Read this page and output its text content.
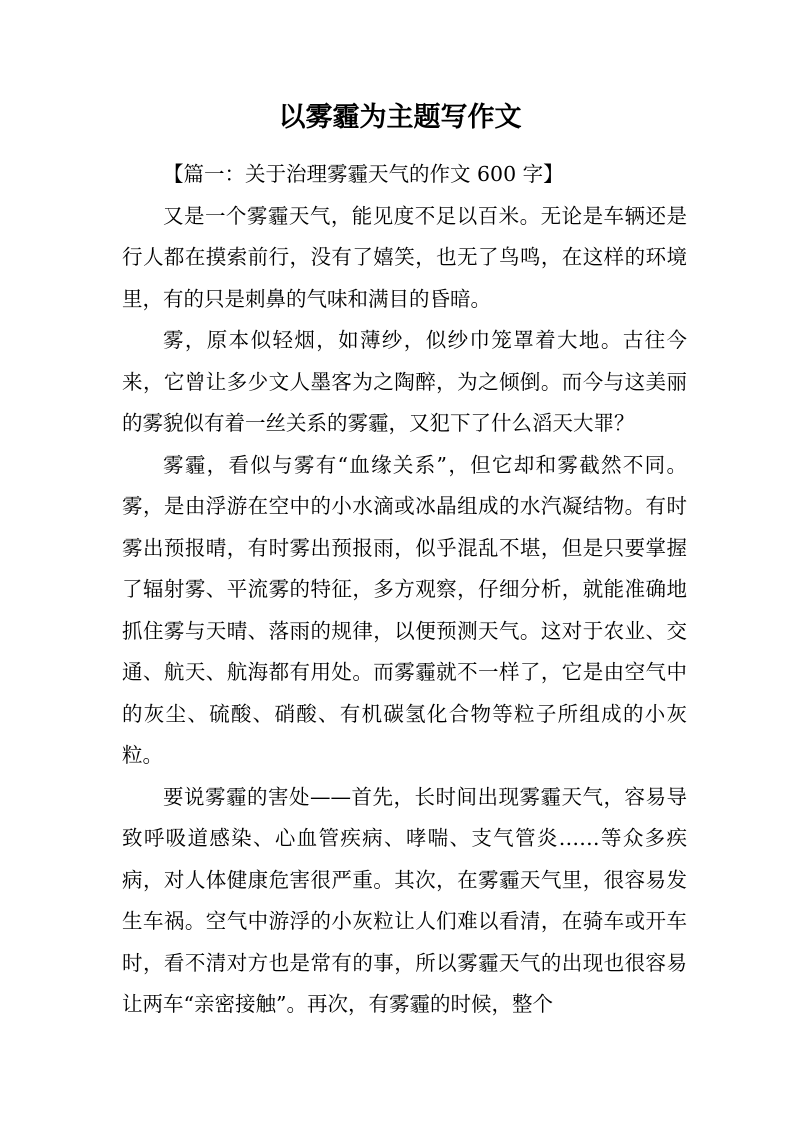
以雾霾为主题写作文

【篇一：关于治理雾霾天气的作文 600 字】

又是一个雾霾天气，能见度不足以百米。无论是车辆还是行人都在摸索前行，没有了嬉笑，也无了鸟鸣，在这样的环境里，有的只是刺鼻的气味和满目的昏暗。

雾，原本似轻烟，如薄纱，似纱巾笼罩着大地。古往今来，它曾让多少文人墨客为之陶醉，为之倾倒。而今与这美丽的雾貌似有着一丝关系的雾霾，又犯下了什么滔天大罪？

雾霾，看似与雾有“血缘关系”，但它却和雾截然不同。雾，是由浮游在空中的小水滴或冰晶组成的水汽凝结物。有时雾出预报晴，有时雾出预报雨，似乎混乱不堪，但是只要掌握了辐射雾、平流雾的特征，多方观察，仔细分析，就能准确地抓住雾与天晴、落雨的规律，以便预测天气。这对于农业、交通、航天、航海都有用处。而雾霾就不一样了，它是由空气中的灰尘、硫酸、硝酸、有机碳氢化合物等粒子所组成的小灰粒。

要说雾霾的害处——首先，长时间出现雾霾天气，容易导致呼吸道感染、心血管疾病、哮喘、支气管炎……等众多疾病，对人体健康危害很严重。其次，在雾霾天气里，很容易发生车祸。空气中游浮的小灰粒让人们难以看清，在骑车或开车时，看不清对方也是常有的事，所以雾霾天气的出现也很容易让两车“亲密接触”。再次，有雾霾的时候，整个
